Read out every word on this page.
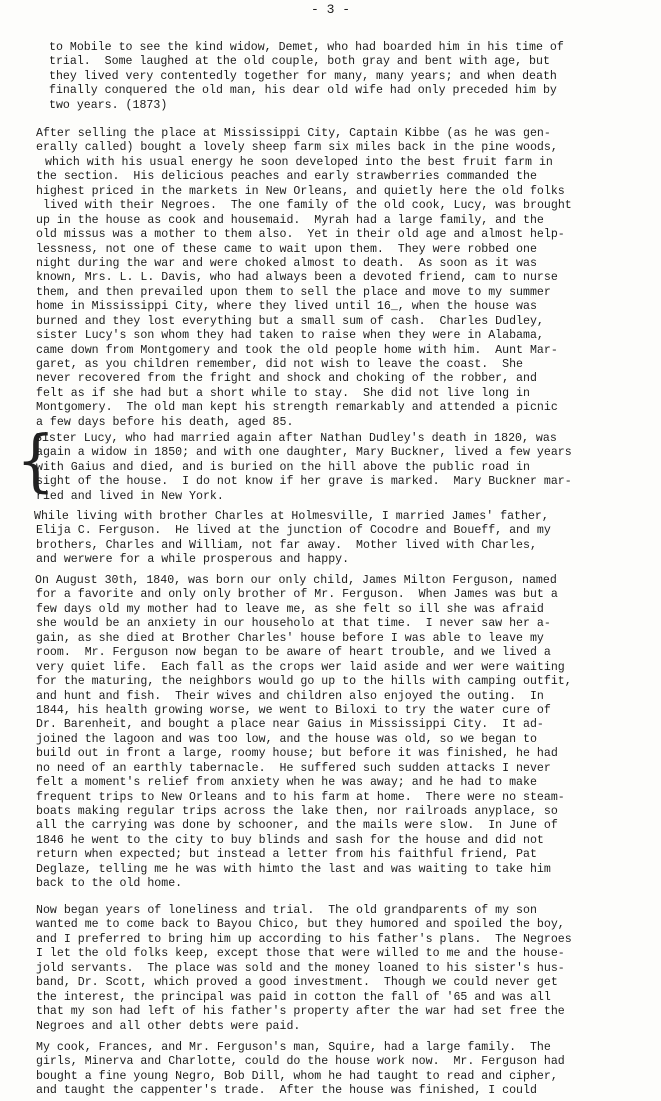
- 3 -
{
to Mobile to see the kind widow, Demet, who had boarded him in his time of
trial.  Some laughed at the old couple, both gray and bent with age, but
they lived very contentedly together for many, many years; and when death
finally conquered the old man, his dear old wife had only preceded him by
two years. (1873)
After selling the place at Mississippi City, Captain Kibbe (as he was gen-
erally called) bought a lovely sheep farm six miles back in the pine woods,
which with his usual energy he soon developed into the best fruit farm in
the section.  His delicious peaches and early strawberries commanded the
highest priced in the markets in New Orleans, and quietly here the old folks
lived with their Negroes.  The one family of the old cook, Lucy, was brought
up in the house as cook and housemaid.  Myrah had a large family, and the
old missus was a mother to them also.  Yet in their old age and almost help-
lessness, not one of these came to wait upon them.  They were robbed one
night during the war and were choked almost to death.  As soon as it was
known, Mrs. L. L. Davis, who had always been a devoted friend, cam to nurse
them, and then prevailed upon them to sell the place and move to my summer
home in Mississippi City, where they lived until 16_, when the house was
burned and they lost everything but a small sum of cash.  Charles Dudley,
sister Lucy's son whom they had taken to raise when they were in Alabama,
came down from Montgomery and took the old people home with him.  Aunt Mar-
garet, as you children remember, did not wish to leave the coast.  She
never recovered from the fright and shock and choking of the robber, and
felt as if she had but a short while to stay.  She did not live long in
Montgomery.  The old man kept his strength remarkably and attended a picnic
a few days before his death, aged 85.
Sister Lucy, who had married again after Nathan Dudley's death in 1820, was
again a widow in 1850; and with one daughter, Mary Buckner, lived a few years
with Gaius and died, and is buried on the hill above the public road in
sight of the house.  I do not know if her grave is marked.  Mary Buckner mar-
ried and lived in New York.
While living with brother Charles at Holmesville, I married James' father,
Elija C. Ferguson.  He lived at the junction of Cocodre and Boueff, and my
brothers, Charles and William, not far away.  Mother lived with Charles,
and werwere for a while prosperous and happy.
On August 30th, 1840, was born our only child, James Milton Ferguson, named
for a favorite and only only brother of Mr. Ferguson.  When James was but a
few days old my mother had to leave me, as she felt so ill she was afraid
she would be an anxiety in our householo at that time.  I never saw her a-
gain, as she died at Brother Charles' house before I was able to leave my
room.  Mr. Ferguson now began to be aware of heart trouble, and we lived a
very quiet life.  Each fall as the crops wer laid aside and wer were waiting
for the maturing, the neighbors would go up to the hills with camping outfit,
and hunt and fish.  Their wives and children also enjoyed the outing.  In
1844, his health growing worse, we went to Biloxi to try the water cure of
Dr. Barenheit, and bought a place near Gaius in Mississippi City.  It ad-
joined the lagoon and was too low, and the house was old, so we began to
build out in front a large, roomy house; but before it was finished, he had
no need of an earthly tabernacle.  He suffered such sudden attacks I never
felt a moment's relief from anxiety when he was away; and he had to make
frequent trips to New Orleans and to his farm at home.  There were no steam-
boats making regular trips across the lake then, nor railroads anyplace, so
all the carrying was done by schooner, and the mails were slow.  In June of
1846 he went to the city to buy blinds and sash for the house and did not
return when expected; but instead a letter from his faithful friend, Pat
Deglaze, telling me he was with himto the last and was waiting to take him
back to the old home.
Now began years of loneliness and trial.  The old grandparents of my son
wanted me to come back to Bayou Chico, but they humored and spoiled the boy,
and I preferred to bring him up according to his father's plans.  The Negroes
I let the old folks keep, except those that were willed to me and the house-
jold servants.  The place was sold and the money loaned to his sister's hus-
band, Dr. Scott, which proved a good investment.  Though we could never get
the interest, the principal was paid in cotton the fall of '65 and was all
that my son had left of his father's property after the war had set free the
Negroes and all other debts were paid.
My cook, Frances, and Mr. Ferguson's man, Squire, had a large family.  The
girls, Minerva and Charlotte, could do the house work now.  Mr. Ferguson had
bought a fine young Negro, Bob Dill, whom he had taught to read and cipher,
and taught the cappenter's trade.  After the house was finished, I could
